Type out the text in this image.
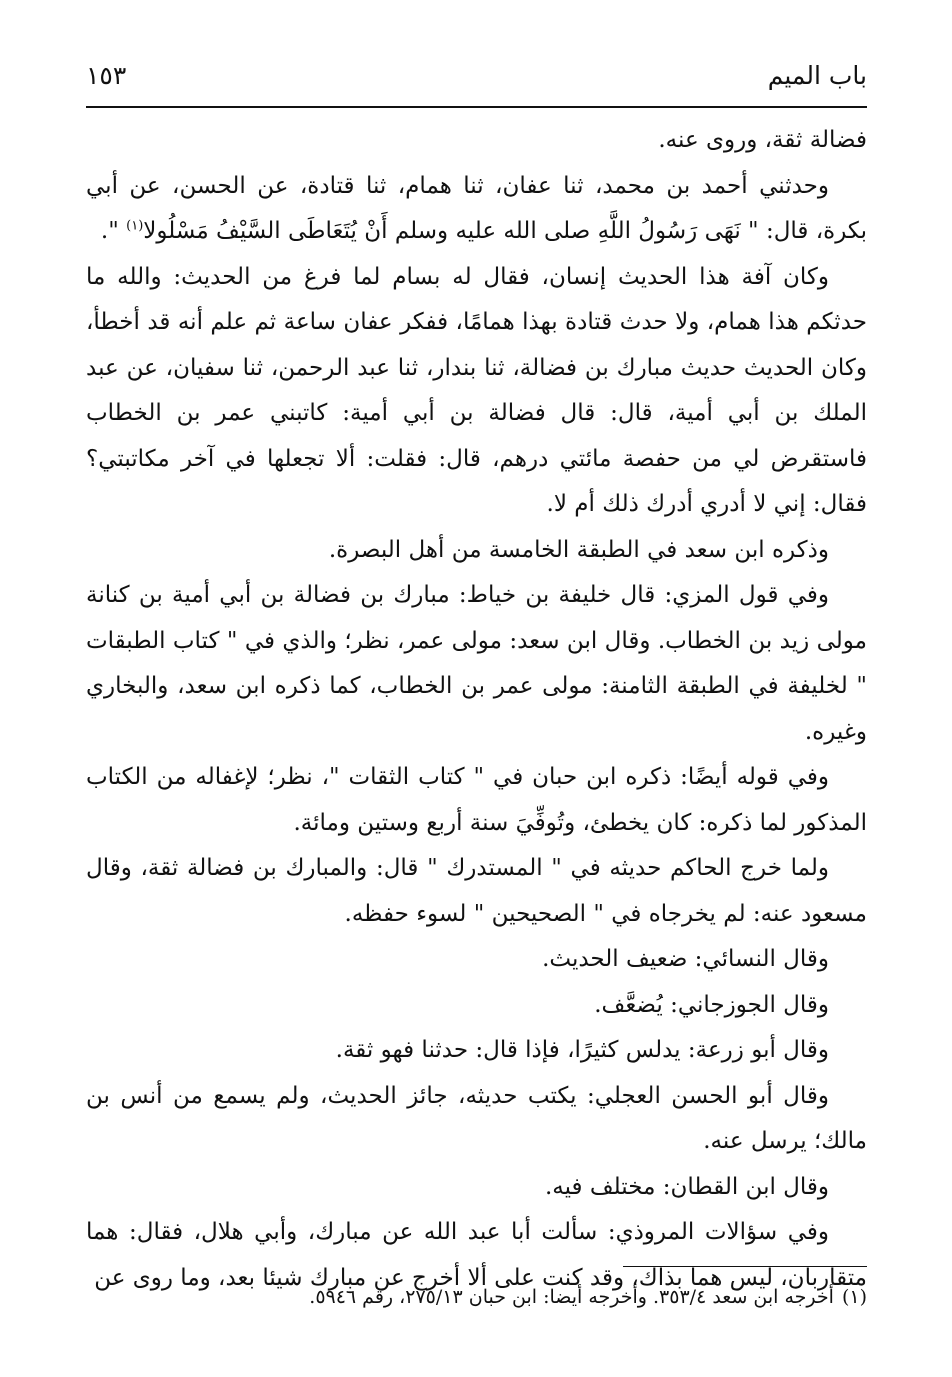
باب الميم
١٥٣

فضالة ثقة، وروى عنه.

وحدثني أحمد بن محمد، ثنا عفان، ثنا همام، ثنا قتادة، عن الحسن، عن أبي بكرة، قال: " نَهَى رَسُولُ اللَّهِ صلى الله عليه وسلم أَنْ يُتَعَاطَى السَّيْفُ مَسْلُولا$^{(١)}$ ".

وكان آفة هذا الحديث إنسان، فقال له بسام لما فرغ من الحديث: والله ما حدثكم هذا همام، ولا حدث قتادة بهذا همامًا، ففكر عفان ساعة ثم علم أنه قد أخطأ، وكان الحديث حديث مبارك بن فضالة، ثنا بندار، ثنا عبد الرحمن، ثنا سفيان، عن عبد الملك بن أبي أمية، قال: قال فضالة بن أبي أمية: كاتبني عمر بن الخطاب فاستقرض لي من حفصة مائتي درهم، قال: فقلت: ألا تجعلها في آخر مكاتبتي؟ فقال: إني لا أدري أدرك ذلك أم لا.

وذكره ابن سعد في الطبقة الخامسة من أهل البصرة.

وفي قول المزي: قال خليفة بن خياط: مبارك بن فضالة بن أبي أمية بن كنانة مولى زيد بن الخطاب. وقال ابن سعد: مولى عمر، نظر؛ والذي في " كتاب الطبقات " لخليفة في الطبقة الثامنة: مولى عمر بن الخطاب، كما ذكره ابن سعد، والبخاري وغيره.

وفي قوله أيضًا: ذكره ابن حبان في " كتاب الثقات "، نظر؛ لإغفاله من الكتاب المذكور لما ذكره: كان يخطئ، وتُوفِّيَ سنة أربع وستين ومائة.

ولما خرج الحاكم حديثه في " المستدرك " قال: والمبارك بن فضالة ثقة، وقال مسعود عنه: لم يخرجاه في " الصحيحين " لسوء حفظه.

وقال النسائي: ضعيف الحديث.

وقال الجوزجاني: يُضعَّف.

وقال أبو زرعة: يدلس كثيرًا، فإذا قال: حدثنا فهو ثقة.

وقال أبو الحسن العجلي: يكتب حديثه، جائز الحديث، ولم يسمع من أنس بن مالك؛ يرسل عنه.

وقال ابن القطان: مختلف فيه.

وفي سؤالات المروذي: سألت أبا عبد الله عن مبارك، وأبي هلال، فقال: هما متقاربان، ليس هما بذاك، وقد كنت على ألا أخرج عن مبارك شيئا بعد، وما روى عن

(١)أخرجه ابن سعد ٣٥٣/٤. وأخرجه أيضا: ابن حبان ٢٧٥/١٣، رقم ٥٩٤٦.
